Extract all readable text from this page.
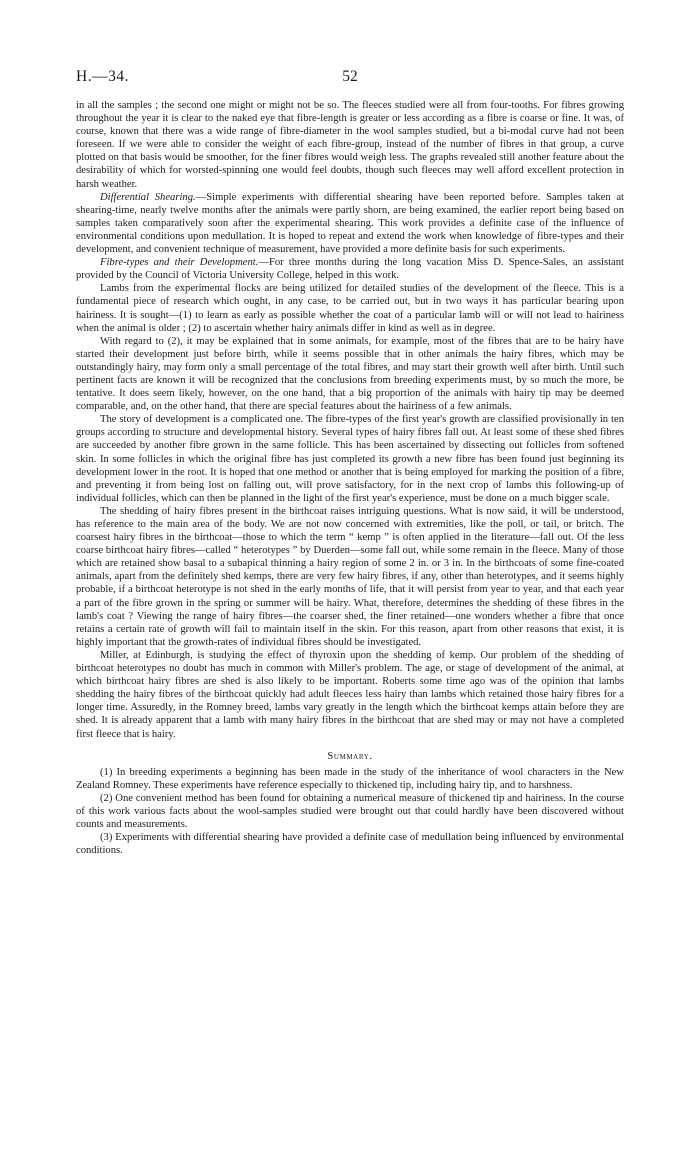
H.—34.	52

in all the samples ; the second one might or might not be so. The fleeces studied were all from four-tooths. For fibres growing throughout the year it is clear to the naked eye that fibre-length is greater or less according as a fibre is coarse or fine. It was, of course, known that there was a wide range of fibre-diameter in the wool samples studied, but a bi-modal curve had not been foreseen. If we were able to consider the weight of each fibre-group, instead of the number of fibres in that group, a curve plotted on that basis would be smoother, for the finer fibres would weigh less. The graphs revealed still another feature about the desirability of which for worsted-spinning one would feel doubts, though such fleeces may well afford excellent protection in harsh weather.

Differential Shearing.—Simple experiments with differential shearing have been reported before. Samples taken at shearing-time, nearly twelve months after the animals were partly shorn, are being examined, the earlier report being based on samples taken comparatively soon after the experimental shearing. This work provides a definite case of the influence of environmental conditions upon medullation. It is hoped to repeat and extend the work when knowledge of fibre-types and their development, and convenient technique of measurement, have provided a more definite basis for such experiments.

Fibre-types and their Development.—For three months during the long vacation Miss D. Spence-Sales, an assistant provided by the Council of Victoria University College, helped in this work.

Lambs from the experimental flocks are being utilized for detailed studies of the development of the fleece. This is a fundamental piece of research which ought, in any case, to be carried out, but in two ways it has particular bearing upon hairiness. It is sought—(1) to learn as early as possible whether the coat of a particular lamb will or will not lead to hairiness when the animal is older ; (2) to ascertain whether hairy animals differ in kind as well as in degree.

With regard to (2), it may be explained that in some animals, for example, most of the fibres that are to be hairy have started their development just before birth, while it seems possible that in other animals the hairy fibres, which may be outstandingly hairy, may form only a small percentage of the total fibres, and may start their growth well after birth. Until such pertinent facts are known it will be recognized that the conclusions from breeding experiments must, by so much the more, be tentative. It does seem likely, however, on the one hand, that a big proportion of the animals with hairy tip may be deemed comparable, and, on the other hand, that there are special features about the hairiness of a few animals.

The story of development is a complicated one. The fibre-types of the first year's growth are classified provisionally in ten groups according to structure and developmental history. Several types of hairy fibres fall out. At least some of these shed fibres are succeeded by another fibre grown in the same follicle. This has been ascertained by dissecting out follicles from softened skin. In some follicles in which the original fibre has just completed its growth a new fibre has been found just beginning its development lower in the root. It is hoped that one method or another that is being employed for marking the position of a fibre, and preventing it from being lost on falling out, will prove satisfactory, for in the next crop of lambs this following-up of individual follicles, which can then be planned in the light of the first year's experience, must be done on a much bigger scale.

The shedding of hairy fibres present in the birthcoat raises intriguing questions. What is now said, it will be understood, has reference to the main area of the body. We are not now concerned with extremities, like the poll, or tail, or britch. The coarsest hairy fibres in the birthcoat—those to which the term “ kemp ” is often applied in the literature—fall out. Of the less coarse birthcoat hairy fibres—called “ heterotypes ” by Duerden—some fall out, while some remain in the fleece. Many of those which are retained show basal to a subapical thinning a hairy region of some 2 in. or 3 in. In the birthcoats of some fine-coated animals, apart from the definitely shed kemps, there are very few hairy fibres, if any, other than heterotypes, and it seems highly probable, if a birthcoat heterotype is not shed in the early months of life, that it will persist from year to year, and that each year a part of the fibre grown in the spring or summer will be hairy. What, therefore, determines the shedding of these fibres in the lamb's coat ? Viewing the range of hairy fibres—the coarser shed, the finer retained—one wonders whether a fibre that once retains a certain rate of growth will fail to maintain itself in the skin. For this reason, apart from other reasons that exist, it is highly important that the growth-rates of individual fibres should be investigated.

Miller, at Edinburgh, is studying the effect of thyroxin upon the shedding of kemp. Our problem of the shedding of birthcoat heterotypes no doubt has much in common with Miller's problem. The age, or stage of development of the animal, at which birthcoat hairy fibres are shed is also likely to be important. Roberts some time ago was of the opinion that lambs shedding the hairy fibres of the birthcoat quickly had adult fleeces less hairy than lambs which retained those hairy fibres for a longer time. Assuredly, in the Romney breed, lambs vary greatly in the length which the birthcoat kemps attain before they are shed. It is already apparent that a lamb with many hairy fibres in the birthcoat that are shed may or may not have a completed first fleece that is hairy.

Summary.

(1) In breeding experiments a beginning has been made in the study of the inheritance of wool characters in the New Zealand Romney. These experiments have reference especially to thickened tip, including hairy tip, and to harshness.

(2) One convenient method has been found for obtaining a numerical measure of thickened tip and hairiness. In the course of this work various facts about the wool-samples studied were brought out that could hardly have been discovered without counts and measurements.

(3) Experiments with differential shearing have provided a definite case of medullation being influenced by environmental conditions.
